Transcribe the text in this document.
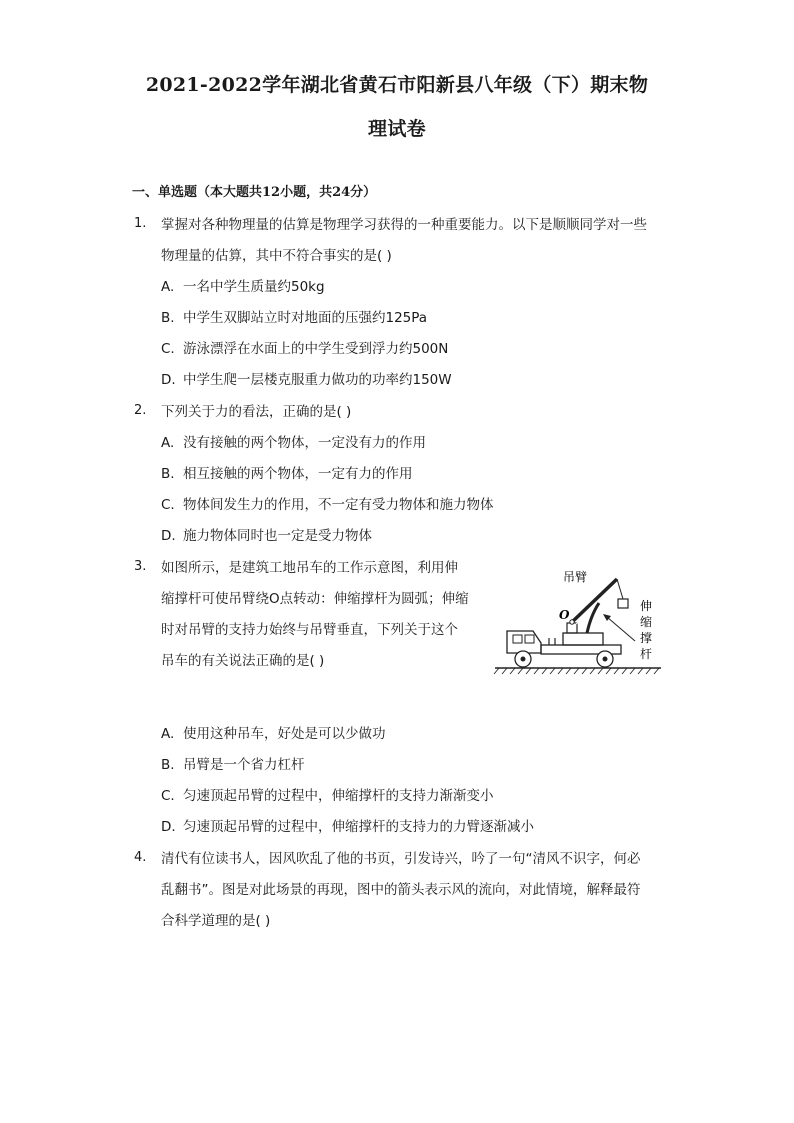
2021-2022学年湖北省黄石市阳新县八年级（下）期末物
理试卷
一、单选题（本大题共12小题，共24分）
1. 掌握对各种物理量的估算是物理学习获得的一种重要能力。以下是顺顺同学对一些
物理量的估算，其中不符合事实的是( )
A. 一名中学生质量约50kg
B. 中学生双脚站立时对地面的压强约125Pa
C. 游泳漂浮在水面上的中学生受到浮力约500N
D. 中学生爬一层楼克服重力做功的功率约150W
2. 下列关于力的看法，正确的是( )
A. 没有接触的两个物体，一定没有力的作用
B. 相互接触的两个物体，一定有力的作用
C. 物体间发生力的作用，不一定有受力物体和施力物体
D. 施力物体同时也一定是受力物体
3. 如图所示，是建筑工地吊车的工作示意图，利用伸
缩撑杆可使吊臂绕O点转动：伸缩撑杆为圆弧；伸缩
时对吊臂的支持力始终与吊臂垂直，下列关于这个
吊车的有关说法正确的是( )
吊臂
O
伸
缩
撑
杆
A. 使用这种吊车，好处是可以少做功
B. 吊臂是一个省力杠杆
C. 匀速顶起吊臂的过程中，伸缩撑杆的支持力渐渐变小
D. 匀速顶起吊臂的过程中，伸缩撑杆的支持力的力臂逐渐减小
4. 清代有位读书人，因风吹乱了他的书页，引发诗兴，吟了一句“清风不识字，何必
乱翻书”。图是对此场景的再现，图中的箭头表示风的流向，对此情境，解释最符
合科学道理的是( )
